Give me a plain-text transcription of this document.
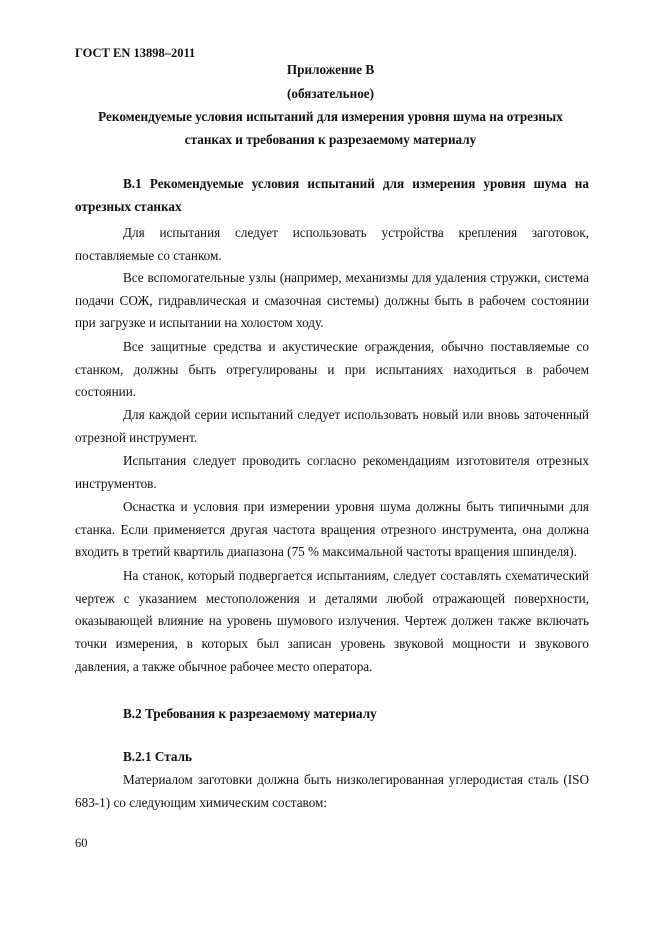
ГОСТ EN 13898–2011
Приложение В
(обязательное)
Рекомендуемые условия испытаний для измерения уровня шума на отрезных
станках и требования к разрезаемому материалу
В.1 Рекомендуемые условия испытаний для измерения уровня шума на отрезных станках
Для испытания следует использовать устройства крепления заготовок, поставляемые со станком.
Все вспомогательные узлы (например, механизмы для удаления стружки, система подачи СОЖ, гидравлическая и смазочная системы) должны быть в рабочем состоянии при загрузке и испытании на холостом ходу.
Все защитные средства и акустические ограждения, обычно поставляемые со станком, должны быть отрегулированы и при испытаниях находиться в рабочем состоянии.
Для каждой серии испытаний следует использовать новый или вновь заточенный отрезной инструмент.
Испытания следует проводить согласно рекомендациям изготовителя отрезных инструментов.
Оснастка и условия при измерении уровня шума должны быть типичными для станка. Если применяется другая частота вращения отрезного инструмента, она должна входить в третий квартиль диапазона (75 % максимальной частоты вращения шпинделя).
На станок, который подвергается испытаниям, следует составлять схематический чертеж с указанием местоположения и деталями любой отражающей поверхности, оказывающей влияние на уровень шумового излучения. Чертеж должен также включать точки измерения, в которых был записан уровень звуковой мощности и звукового давления, а также обычное рабочее место оператора.
В.2 Требования к разрезаемому материалу
В.2.1 Сталь
Материалом заготовки должна быть низколегированная углеродистая сталь (ISO 683-1) со следующим химическим составом:
60
